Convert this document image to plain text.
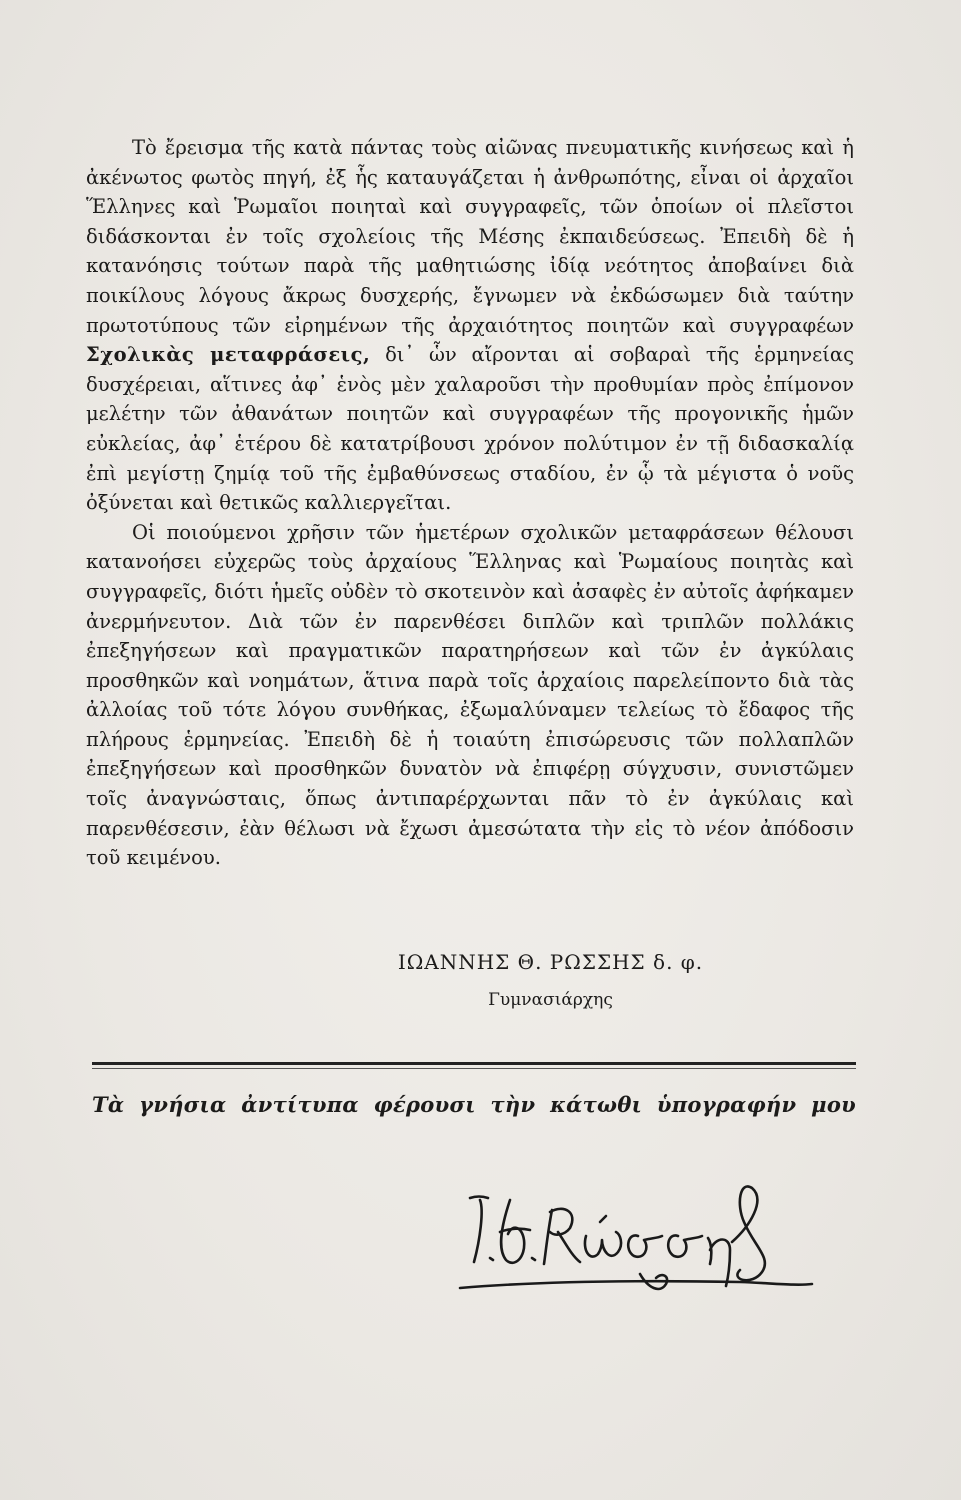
Τὸ ἔρεισμα τῆς κατὰ πάντας τοὺς αἰῶνας πνευματικῆς κινήσεως καὶ ἡ ἀκένωτος φωτὸς πηγή, ἐξ ἧς καταυγάζεται ἡ ἀνθρωπότης, εἶναι οἱ ἀρχαῖοι Ἕλληνες καὶ Ῥωμαῖοι ποιηταὶ καὶ συγγραφεῖς, τῶν ὁποίων οἱ πλεῖστοι διδάσκονται ἐν τοῖς σχολείοις τῆς Μέσης ἐκπαιδεύσεως. Ἐπειδὴ δὲ ἡ κατανόησις τούτων παρὰ τῆς μαθητιώσης ἰδίᾳ νεότητος ἀποβαίνει διὰ ποικίλους λόγους ἄκρως δυσχερής, ἔγνωμεν νὰ ἐκδώσωμεν διὰ ταύτην πρωτοτύπους τῶν εἰρημένων τῆς ἀρχαιότητος ποιητῶν καὶ συγγραφέων Σχολικὰς μεταφράσεις, δι᾽ ὧν αἴρονται αἱ σοβαραὶ τῆς ἑρμηνείας δυσχέρειαι, αἵτινες ἀφ᾽ ἑνὸς μὲν χαλαροῦσι τὴν προθυμίαν πρὸς ἐπίμονον μελέτην τῶν ἀθανάτων ποιητῶν καὶ συγγραφέων τῆς προγονικῆς ἡμῶν εὐκλείας, ἀφ᾽ ἑτέρου δὲ κατατρίβουσι χρόνον πολύτιμον ἐν τῇ διδασκαλίᾳ ἐπὶ μεγίστῃ ζημίᾳ τοῦ τῆς ἐμβαθύνσεως σταδίου, ἐν ᾧ τὰ μέγιστα ὁ νοῦς ὀξύνεται καὶ θετικῶς καλλιεργεῖται.

Οἱ ποιούμενοι χρῆσιν τῶν ἡμετέρων σχολικῶν μεταφράσεων θέλουσι κατανοήσει εὐχερῶς τοὺς ἀρχαίους Ἕλληνας καὶ Ῥωμαίους ποιητὰς καὶ συγγραφεῖς, διότι ἡμεῖς οὐδὲν τὸ σκοτεινὸν καὶ ἀσαφὲς ἐν αὐτοῖς ἀφήκαμεν ἀνερμήνευτον. Διὰ τῶν ἐν παρενθέσει διπλῶν καὶ τριπλῶν πολλάκις ἐπεξηγήσεων καὶ πραγματικῶν παρατηρήσεων καὶ τῶν ἐν ἀγκύλαις προσθηκῶν καὶ νοημάτων, ἅτινα παρὰ τοῖς ἀρχαίοις παρελείποντο διὰ τὰς ἀλλοίας τοῦ τότε λόγου συνθήκας, ἐξωμαλύναμεν τελείως τὸ ἔδαφος τῆς πλήρους ἑρμηνείας. Ἐπειδὴ δὲ ἡ τοιαύτη ἐπισώρευσις τῶν πολλαπλῶν ἐπεξηγήσεων καὶ προσθηκῶν δυνατὸν νὰ ἐπιφέρῃ σύγχυσιν, συνιστῶμεν τοῖς ἀναγνώσταις, ὅπως ἀντιπαρέρχωνται πᾶν τὸ ἐν ἀγκύλαις καὶ παρενθέσεσιν, ἐὰν θέλωσι νὰ ἔχωσι ἀμεσώτατα τὴν εἰς τὸ νέον ἀπόδοσιν τοῦ κειμένου.

ΙΩΑΝΝΗΣ Θ. ΡΩΣΣΗΣ δ. φ.
Γυμνασιάρχης
Τὰ γνήσια ἀντίτυπα φέρουσι τὴν κάτωθι ὑπογραφήν μου
